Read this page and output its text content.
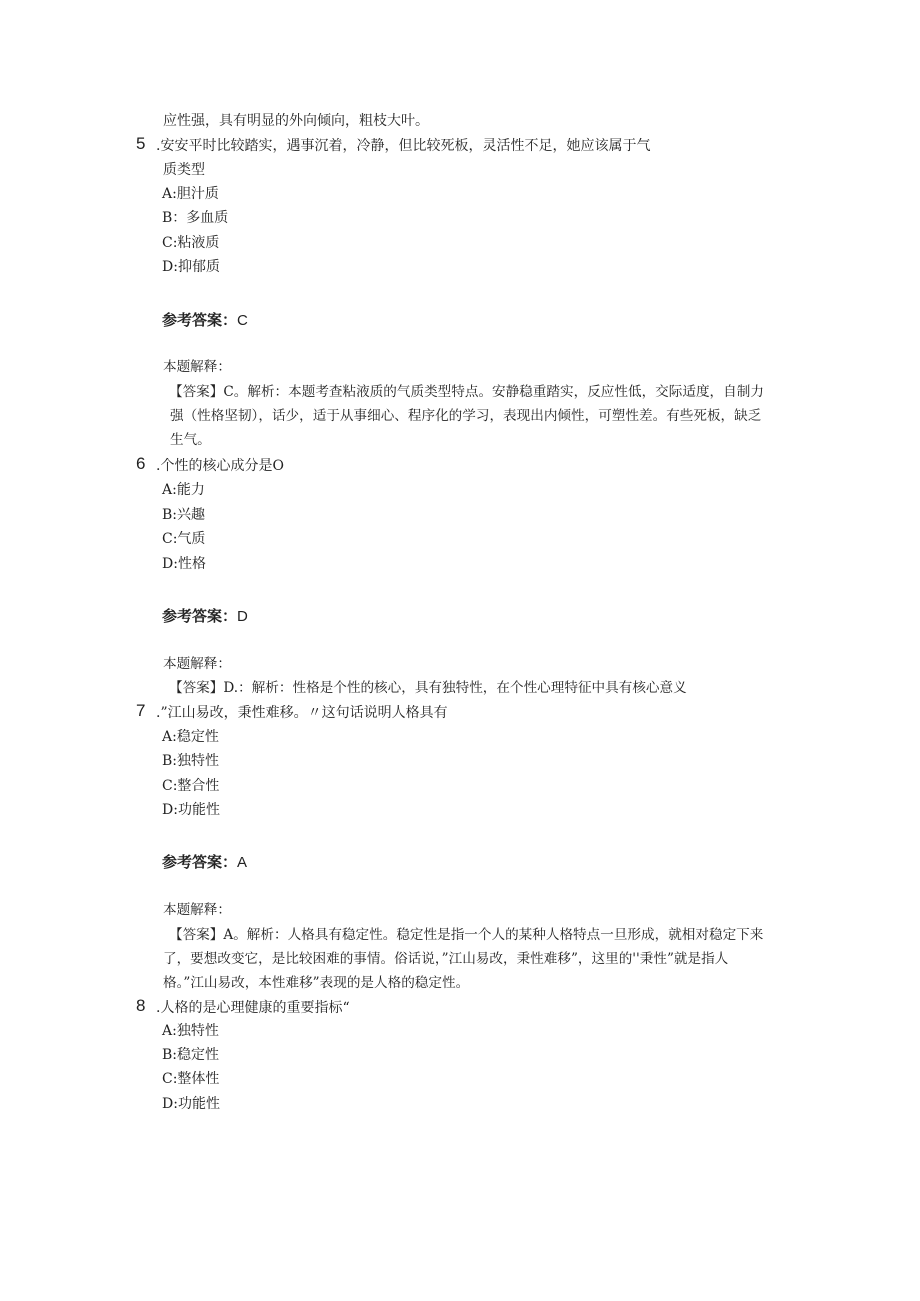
应性强，具有明显的外向倾向，粗枝大叶。
5 .安安平时比较踏实，遇事沉着，冷静，但比较死板，灵活性不足，她应该属于气
质类型
A:胆汁质
B：多血质
C:粘液质
D:抑郁质
参考答案：C
本题解释：
【答案】C。解析：本题考查粘液质的气质类型特点。安静稳重踏实，反应性低，交际适度，自制力
强（性格坚韧），话少，适于从事细心、程序化的学习，表现出内倾性，可塑性差。有些死板，缺乏
生气。
6 .个性的核心成分是O
A:能力
B:兴趣
C:气质
D:性格
参考答案：D
本题解释：
【答案】D.：解析：性格是个性的核心，具有独特性，在个性心理特征中具有核心意义
7 .”江山易改，秉性难移。〃这句话说明人格具有
A:稳定性
B:独特性
C:整合性
D:功能性
参考答案：A
本题解释：
【答案】A。解析：人格具有稳定性。稳定性是指一个人的某种人格特点一旦形成，就相对稳定下来
了，要想改变它，是比较困难的事情。俗话说，”江山易改，秉性难移”，这里的''秉性”就是指人
格。”江山易改，本性难移”表现的是人格的稳定性。
8 .人格的是心理健康的重要指标“
A:独特性
B:稳定性
C:整体性
D:功能性
